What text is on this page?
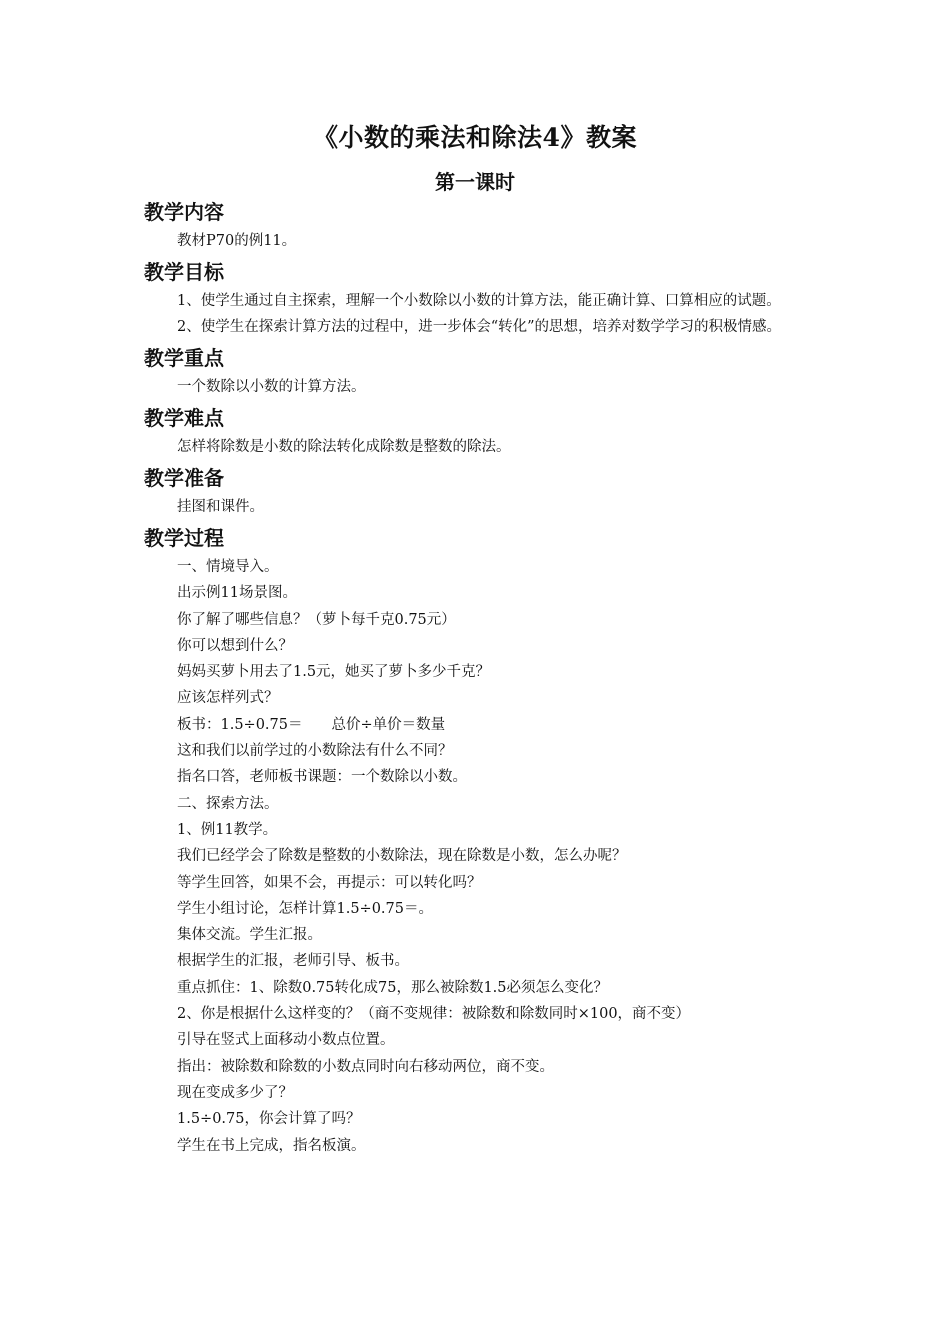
《小数的乘法和除法4》教案
第一课时
教学内容

教材P70的例11。

教学目标

1、使学生通过自主探索，理解一个小数除以小数的计算方法，能正确计算、口算相应的试题。

2、使学生在探索计算方法的过程中，进一步体会“转化”的思想，培养对数学学习的积极情感。

教学重点

一个数除以小数的计算方法。

教学难点

怎样将除数是小数的除法转化成除数是整数的除法。

教学准备

挂图和课件。

教学过程

一、情境导入。

出示例11场景图。

你了解了哪些信息？（萝卜每千克0.75元）

你可以想到什么？

妈妈买萝卜用去了1.5元，她买了萝卜多少千克？

应该怎样列式？

板书：1.5÷0.75＝　　总价÷单价＝数量

这和我们以前学过的小数除法有什么不同？

指名口答，老师板书课题：一个数除以小数。

二、探索方法。

1、例11教学。

我们已经学会了除数是整数的小数除法，现在除数是小数，怎么办呢？

等学生回答，如果不会，再提示：可以转化吗？

学生小组讨论，怎样计算1.5÷0.75＝。

集体交流。学生汇报。

根据学生的汇报，老师引导、板书。

重点抓住：1、除数0.75转化成75，那么被除数1.5必须怎么变化？

2、你是根据什么这样变的？（商不变规律：被除数和除数同时×100，商不变）

引导在竖式上面移动小数点位置。

指出：被除数和除数的小数点同时向右移动两位，商不变。

现在变成多少了？

1.5÷0.75，你会计算了吗？

学生在书上完成，指名板演。
